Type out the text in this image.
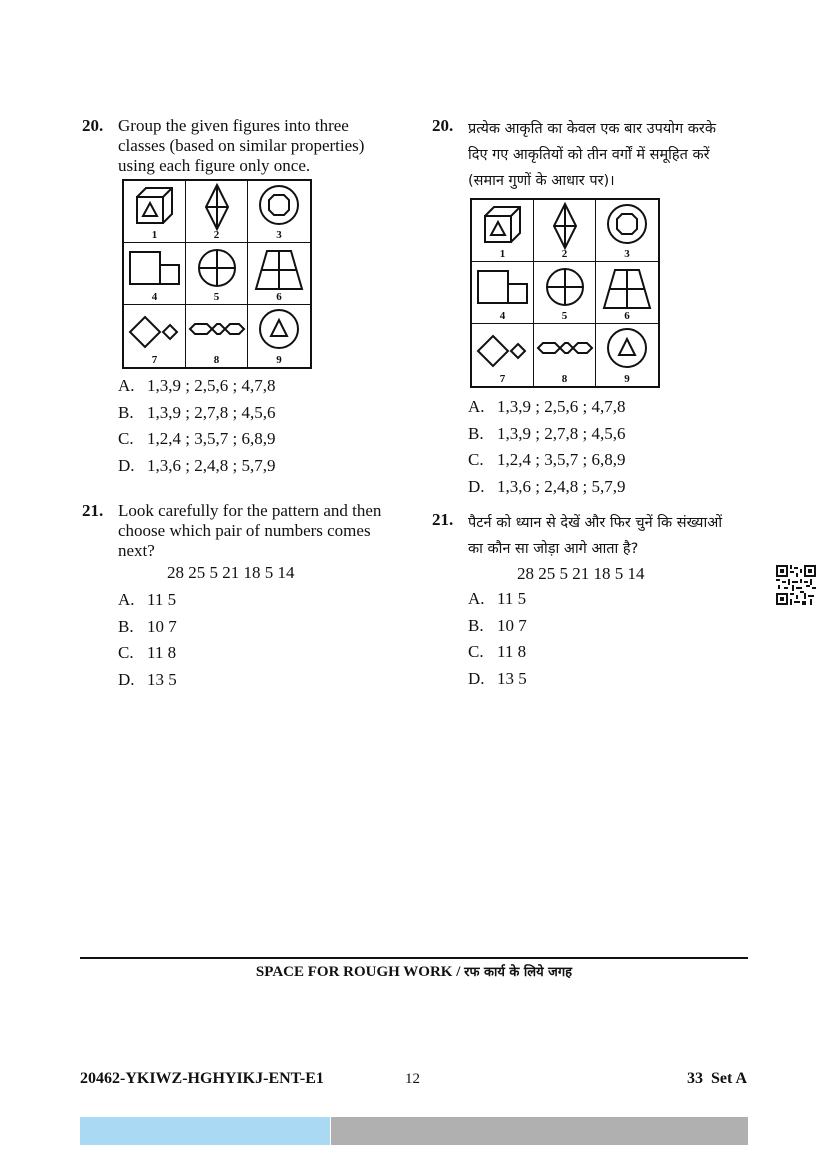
20. Group the given figures into three
classes (based on similar properties)
using each figure only once.
1	2	3
4	5	6
7	8	9
A. 1,3,9 ; 2,5,6 ; 4,7,8
B. 1,3,9 ; 2,7,8 ; 4,5,6
C. 1,2,4 ; 3,5,7 ; 6,8,9
D. 1,3,6 ; 2,4,8 ; 5,7,9
21. Look carefully for the pattern and then
choose which pair of numbers comes
next?
28 25 5 21 18 5 14
A. 11 5
B. 10 7
C. 11 8
D. 13 5
20. प्रत्येक आकृति का केवल एक बार उपयोग करके
दिए गए आकृतियों को तीन वर्गों में समूहित करें
(समान गुणों के आधार पर)।
1	2	3
4	5	6
7	8	9
A. 1,3,9 ; 2,5,6 ; 4,7,8
B. 1,3,9 ; 2,7,8 ; 4,5,6
C. 1,2,4 ; 3,5,7 ; 6,8,9
D. 1,3,6 ; 2,4,8 ; 5,7,9
21. पैटर्न को ध्यान से देखें और फिर चुनें कि संख्याओं
का कौन सा जोड़ा आगे आता है?
28 25 5 21 18 5 14
A. 11 5
B. 10 7
C. 11 8
D. 13 5
SPACE FOR ROUGH WORK / रफ कार्य के लिये जगह
20462-YKIWZ-HGHYIKJ-ENT-E1	12	33 Set A
